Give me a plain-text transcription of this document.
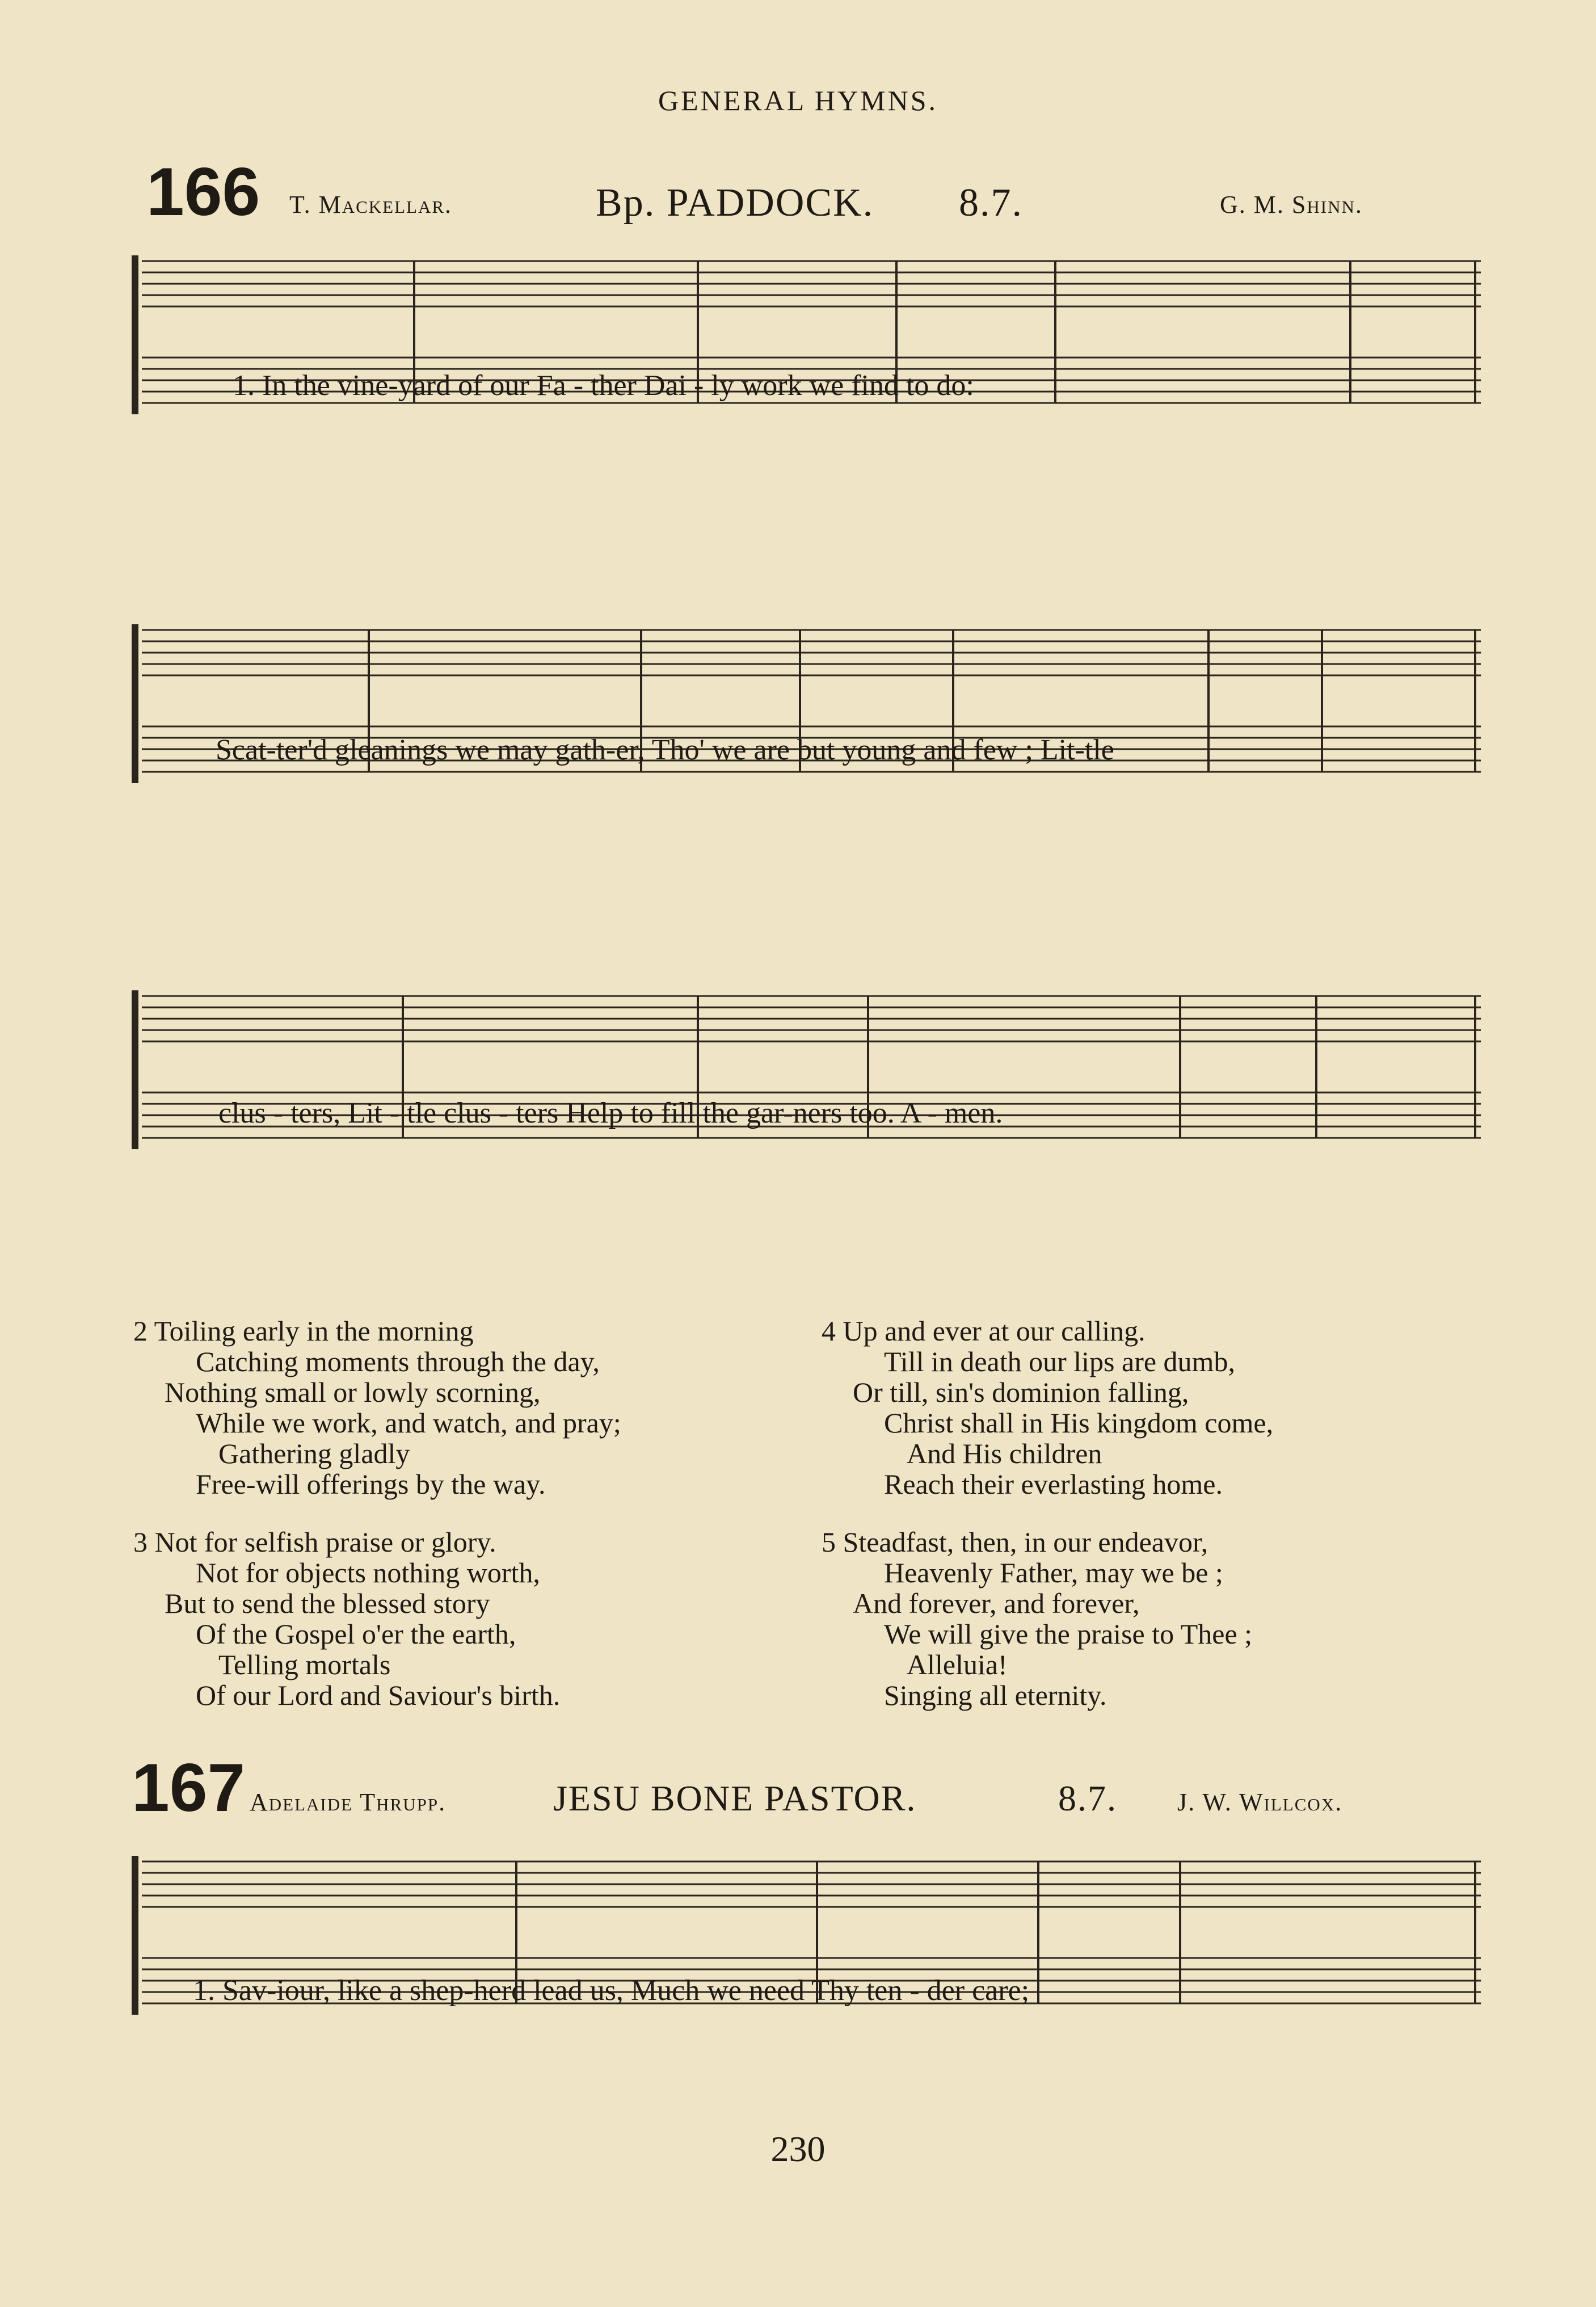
GENERAL HYMNS.
166 T. Mackellar.	Bp. PADDOCK. 8.7.	G. M. Shinn.
1. In the vine-yard of our Fa - ther Dai - ly work we find to do:
Scat-ter'd gleanings we may gath-er, Tho' we are but young and few ; Lit-tle
clus - ters, Lit - tle clus - ters Help to fill the gar-ners too. A - men.
2 Toiling early in the morning
Catching moments through the day,
Nothing small or lowly scorning,
While we work, and watch, and pray;
Gathering gladly
Free-will offerings by the way.
3 Not for selfish praise or glory.
Not for objects nothing worth,
But to send the blessed story
Of the Gospel o'er the earth,
Telling mortals
Of our Lord and Saviour's birth.
4 Up and ever at our calling.
Till in death our lips are dumb,
Or till, sin's dominion falling,
Christ shall in His kingdom come,
And His children
Reach their everlasting home.
5 Steadfast, then, in our endeavor,
Heavenly Father, may we be ;
And forever, and forever,
We will give the praise to Thee ;
Alleluia!
Singing all eternity.
167 Adelaide Thrupp.	JESU BONE PASTOR.	8.7. J. W. Willcox.
1. Sav-iour, like a shep-herd lead us, Much we need Thy ten - der care;
230
